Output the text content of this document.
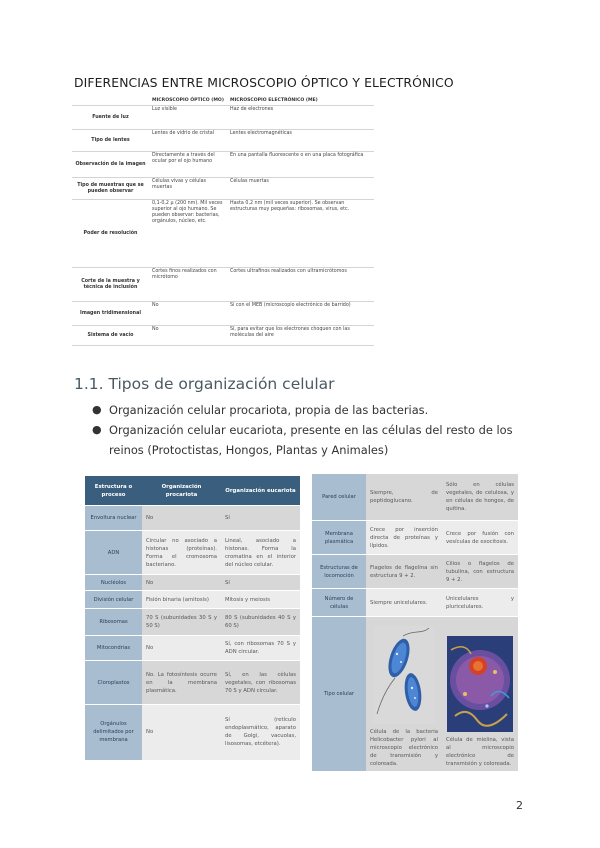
DIFERENCIAS ENTRE MICROSCOPIO ÓPTICO Y ELECTRÓNICO
	MICROSCOPIO ÓPTICO (MO)	MICROSCOPIO ELECTRÓNICO (ME)
Fuente de luz	Luz visible	Haz de electrones
Tipo de lentes	Lentes de vidrio de cristal	Lentes electromagnéticas
Observación de la imagen	Directamente a través del ocular por el ojo humano	En una pantalla fluorescente o en una placa fotográfica
Tipo de muestras que se pueden observar	Células vivas y células muertas	Células muertas
Poder de resolución	0,1-0,2 µ (200 nm). Mil veces superior al ojo humano. Se pueden observar: bacterias, orgánulos, núcleo, etc.	Hasta 0,2 nm (mil veces superior). Se observan estructuras muy pequeñas: ribosomas, virus, etc.
Corte de la muestra y técnica de inclusión	Cortes finos realizados con micrótomo	Cortes ultrafinos realizados con ultramicrótomos
Imagen tridimensional	No	Sí con el MEB (microscopio electrónico de barrido)
Sistema de vacío	No	Sí, para evitar que los electrones choquen con las moléculas del aire
1.1. Tipos de organización celular
● Organización celular procariota, propia de las bacterias.
● Organización celular eucariota, presente en las células del resto de los reinos (Protoctistas, Hongos, Plantas y Animales)
Estructura o proceso	Organización procariota	Organización eucariota
Envoltura nuclear	No	Sí
ADN	Circular no asociado a histonas (proteínas). Forma el cromosoma bacteriano.	Lineal, asociado a histonas. Forma la cromatina en el interior del núcleo celular.
Nucléolos	No	Sí
División celular	Fisión binaria (amitosis)	Mitosis y meiosis
Ribosomas	70 S (subunidades 30 S y 50 S)	80 S (subunidades 40 S y 60 S)
Mitocondrias	No	Sí, con ribosomas 70 S y ADN circular.
Cloroplastos	No. La fotosíntesis ocurre en la membrana plasmática.	Sí, en las células vegetales, con ribosomas 70 S y ADN circular.
Orgánulos delimitados por membrana	No	Sí (retículo endoplasmático, aparato de Golgi, vacuolas, lisosomas, etcétera).
Pared celular	Siempre, de peptidoglucano.	Sólo en células vegetales, de celulosa, y en células de hongos, de quitina.
Membrana plasmática	Crece por inserción directa de proteínas y lípidos.	Crece por fusión con vesículas de exocitosis.
Estructuras de locomoción	Flagelos de flagelina sin estructura 9 + 2.	Cilios o flagelos de tubulina, con estructura 9 + 2.
Número de células	Siempre unicelulares.	Unicelulares y pluricelulares.
Tipo celular	Célula de la bacteria Helicobacter pylori al microscopio electrónico de transmisión y coloreada.	Célula de mielina, vista al microscopio electrónico de transmisión y coloreada.
2
